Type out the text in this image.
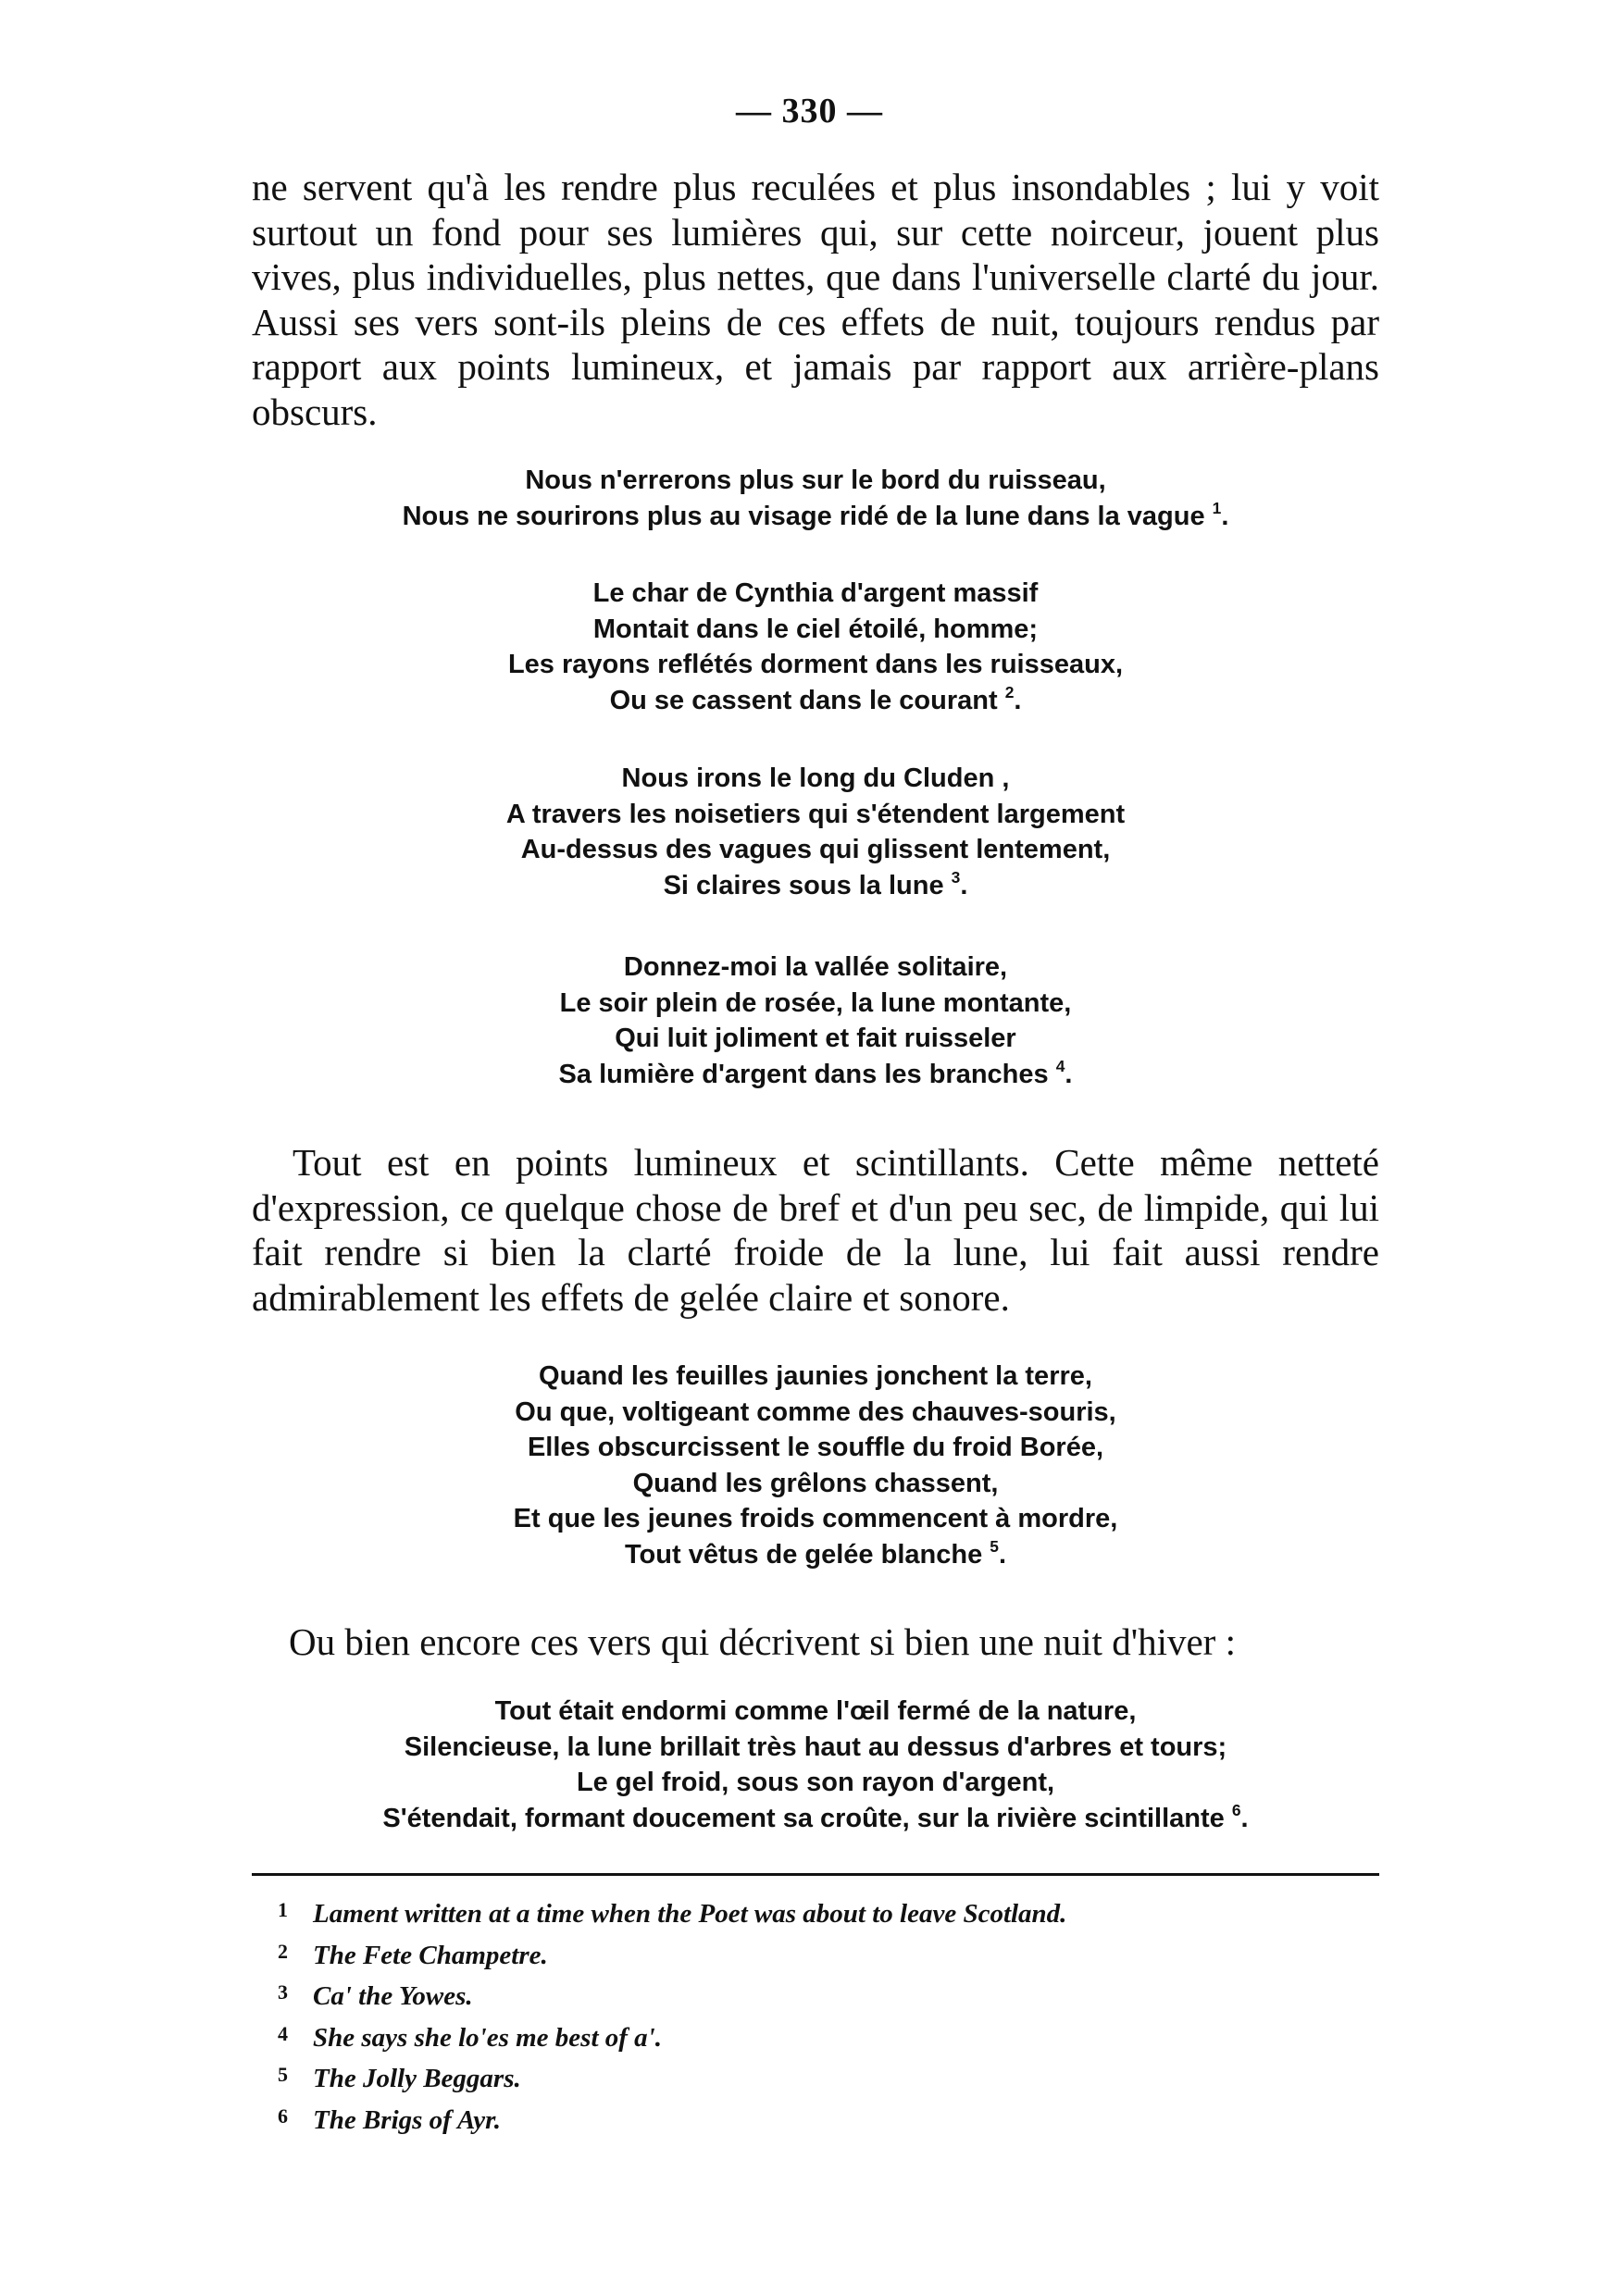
— 330 —

ne servent qu'à les rendre plus reculées et plus insondables ; lui y voit surtout un fond pour ses lumières qui, sur cette noirceur, jouent plus vives, plus individuelles, plus nettes, que dans l'universelle clarté du jour. Aussi ses vers sont-ils pleins de ces effets de nuit, toujours rendus par rapport aux points lumineux, et jamais par rapport aux arrière-plans obscurs.

Nous n'errerons plus sur le bord du ruisseau,
Nous ne sourirons plus au visage ridé de la lune dans la vague $^1$.
Le char de Cynthia d'argent massif
Montait dans le ciel étoilé, homme;
Les rayons reflétés dorment dans les ruisseaux,
Ou se cassent dans le courant $^2$.
Nous irons le long du Cluden ,
A travers les noisetiers qui s'étendent largement
Au-dessus des vagues qui glissent lentement,
Si claires sous la lune $^3$.
Donnez-moi la vallée solitaire,
Le soir plein de rosée, la lune montante,
Qui luit joliment et fait ruisseler
Sa lumière d'argent dans les branches $^4$.

Tout est en points lumineux et scintillants. Cette même netteté d'expression, ce quelque chose de bref et d'un peu sec, de limpide, qui lui fait rendre si bien la clarté froide de la lune, lui fait aussi rendre admirablement les effets de gelée claire et sonore.

Quand les feuilles jaunies jonchent la terre,
Ou que, voltigeant comme des chauves-souris,
Elles obscurcissent le souffle du froid Borée,
Quand les grêlons chassent,
Et que les jeunes froids commencent à mordre,
Tout vêtus de gelée blanche $^5$.

Ou bien encore ces vers qui décrivent si bien une nuit d'hiver :

Tout était endormi comme l'œil fermé de la nature,
Silencieuse, la lune brillait très haut au dessus d'arbres et tours;
Le gel froid, sous son rayon d'argent,
S'étendait, formant doucement sa croûte, sur la rivière scintillante $^6$.
1 Lament written at a time when the Poet was about to leave Scotland.
2 The Fete Champetre.
3 Ca' the Yowes.
4 She says she lo'es me best of a'.
5 The Jolly Beggars.
6 The Brigs of Ayr.
